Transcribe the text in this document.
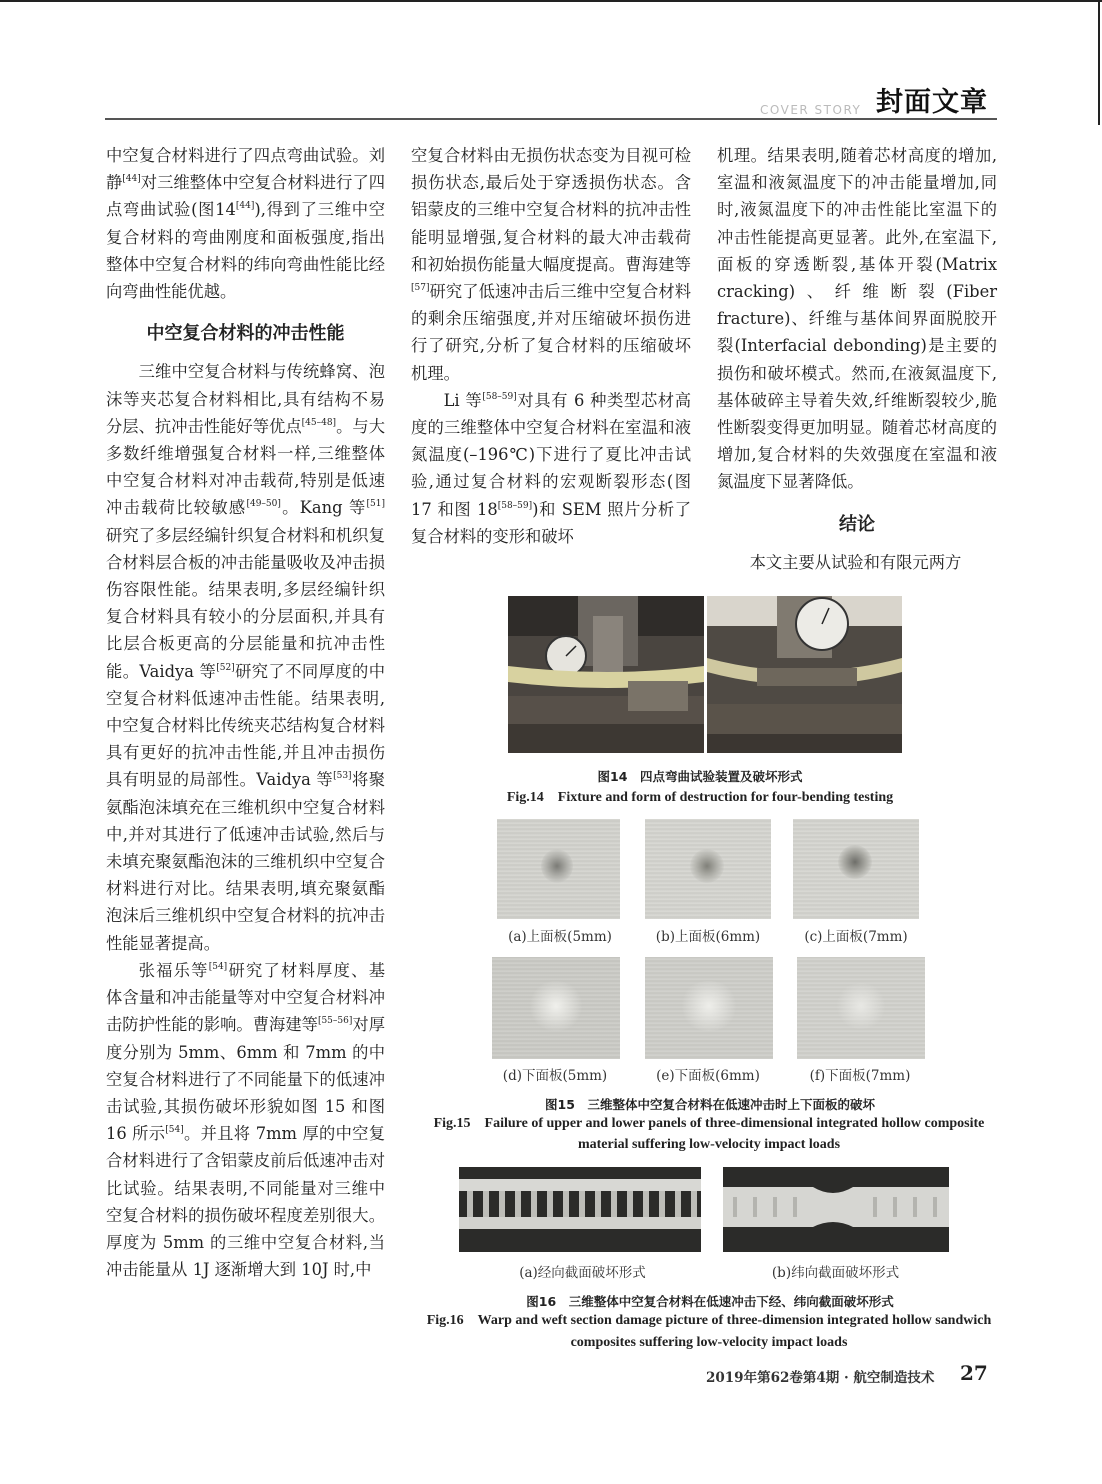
COVER STORY 封面文章

中空复合材料进行了四点弯曲试验。刘静[44]对三维整体中空复合材料进行了四点弯曲试验(图14[44]),得到了三维中空复合材料的弯曲刚度和面板强度,指出整体中空复合材料的纬向弯曲性能比经向弯曲性能优越。

中空复合材料的冲击性能

三维中空复合材料与传统蜂窝、泡沫等夹芯复合材料相比,具有结构不易分层、抗冲击性能好等优点[45–48]。与大多数纤维增强复合材料一样,三维整体中空复合材料对冲击载荷,特别是低速冲击载荷比较敏感[49–50]。Kang 等[51]研究了多层经编针织复合材料和机织复合材料层合板的冲击能量吸收及冲击损伤容限性能。结果表明,多层经编针织复合材料具有较小的分层面积,并具有比层合板更高的分层能量和抗冲击性能。Vaidya 等[52]研究了不同厚度的中空复合材料低速冲击性能。结果表明,中空复合材料比传统夹芯结构复合材料具有更好的抗冲击性能,并且冲击损伤具有明显的局部性。Vaidya 等[53]将聚氨酯泡沫填充在三维机织中空复合材料中,并对其进行了低速冲击试验,然后与未填充聚氨酯泡沫的三维机织中空复合材料进行对比。结果表明,填充聚氨酯泡沫后三维机织中空复合材料的抗冲击性能显著提高。

张福乐等[54]研究了材料厚度、基体含量和冲击能量等对中空复合材料冲击防护性能的影响。曹海建等[55–56]对厚度分别为 5mm、6mm 和 7mm 的中空复合材料进行了不同能量下的低速冲击试验,其损伤破坏形貌如图 15 和图 16 所示[54]。并且将 7mm 厚的中空复合材料进行了含铝蒙皮前后低速冲击对比试验。结果表明,不同能量对三维中空复合材料的损伤破坏程度差别很大。厚度为 5mm 的三维中空复合材料,当冲击能量从 1J 逐渐增大到 10J 时,中

空复合材料由无损伤状态变为目视可检损伤状态,最后处于穿透损伤状态。含铝蒙皮的三维中空复合材料的抗冲击性能明显增强,复合材料的最大冲击载荷和初始损伤能量大幅度提高。曹海建等[57]研究了低速冲击后三维中空复合材料的剩余压缩强度,并对压缩破坏损伤进行了研究,分析了复合材料的压缩破坏机理。

Li 等[58–59]对具有 6 种类型芯材高度的三维整体中空复合材料在室温和液氮温度(–196℃)下进行了夏比冲击试验,通过复合材料的宏观断裂形态(图 17 和图 18[58–59])和 SEM 照片分析了复合材料的变形和破坏

机理。结果表明,随着芯材高度的增加,室温和液氮温度下的冲击能量增加,同时,液氮温度下的冲击性能比室温下的冲击性能提高更显著。此外,在室温下,面板的穿透断裂,基体开裂(Matrix cracking)、纤维断裂(Fiber fracture)、纤维与基体间界面脱胶开裂(Interfacial debonding)是主要的损伤和破坏模式。然而,在液氮温度下,基体破碎主导着失效,纤维断裂较少,脆性断裂变得更加明显。随着芯材高度的增加,复合材料的失效强度在室温和液氮温度下显著降低。

结论

本文主要从试验和有限元两方

图14　四点弯曲试验装置及破坏形式
Fig.14　Fixture and form of destruction for four-bending testing
(a)上面板(5mm)	(b)上面板(6mm)	(c)上面板(7mm)
(d)下面板(5mm)	(e)下面板(6mm)	(f)下面板(7mm)
图15　三维整体中空复合材料在低速冲击时上下面板的破坏
Fig.15　Failure of upper and lower panels of three-dimensional integrated hollow composite
material suffering low-velocity impact loads
(a)经向截面破坏形式	(b)纬向截面破坏形式
图16　三维整体中空复合材料在低速冲击下经、纬向截面破坏形式
Fig.16　Warp and weft section damage picture of three-dimension integrated hollow sandwich
composites suffering low-velocity impact loads
2019年第62卷第4期 · 航空制造技术 27
